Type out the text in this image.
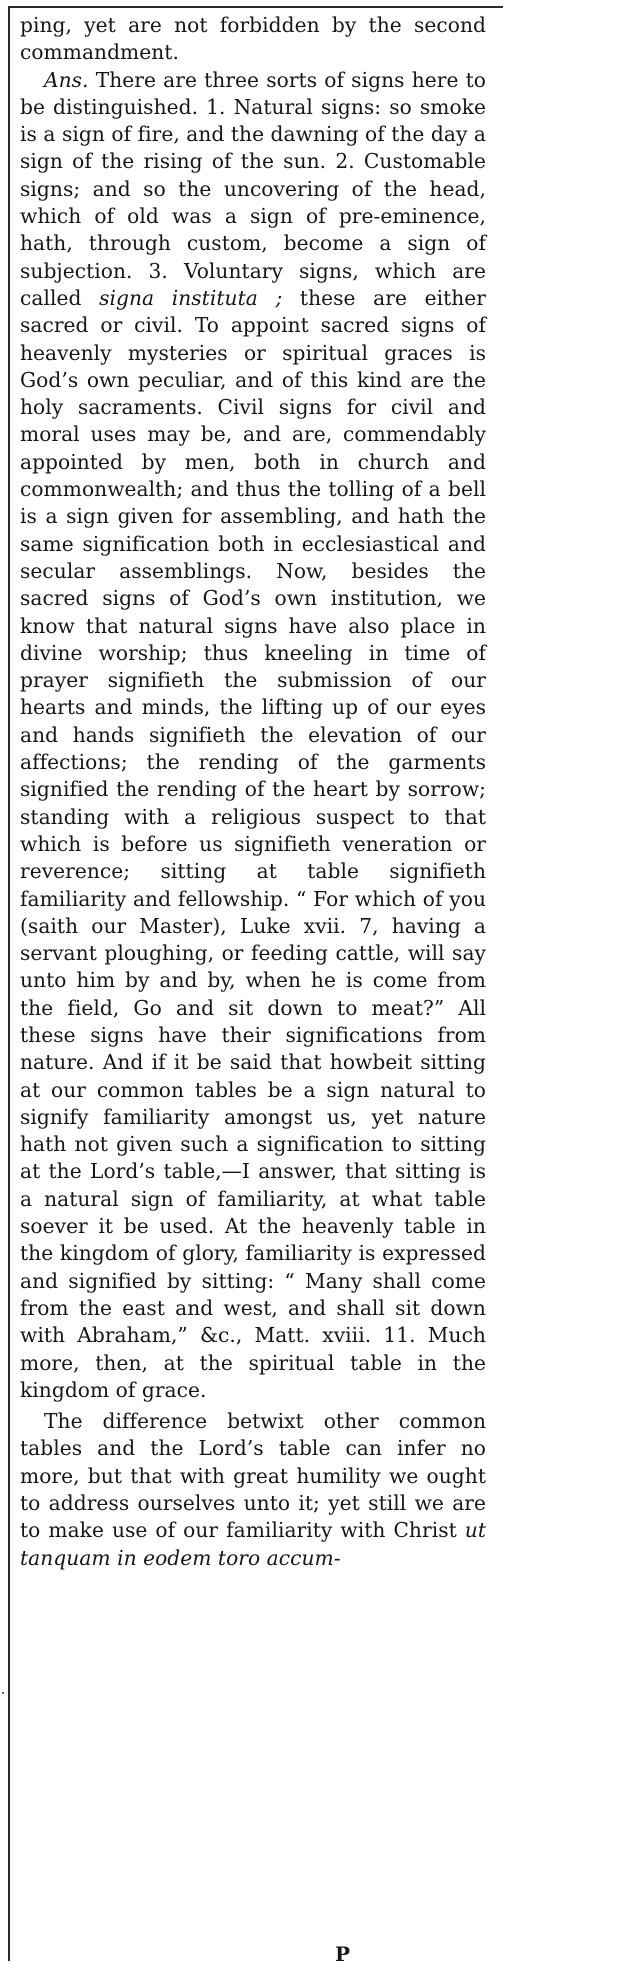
ping, yet are not forbidden by the second commandment.

Ans. There are three sorts of signs here to be distinguished. 1. Natural signs: so smoke is a sign of fire, and the dawning of the day a sign of the rising of the sun. 2. Customable signs; and so the uncovering of the head, which of old was a sign of pre-eminence, hath, through custom, become a sign of subjection. 3. Voluntary signs, which are called signa instituta ; these are either sacred or civil. To appoint sacred signs of heavenly mysteries or spiritual graces is God’s own peculiar, and of this kind are the holy sacraments. Civil signs for civil and moral uses may be, and are, commendably appointed by men, both in church and commonwealth; and thus the tolling of a bell is a sign given for assembling, and hath the same signification both in ecclesiastical and secular assemblings. Now, besides the sacred signs of God’s own institution, we know that natural signs have also place in divine worship; thus kneeling in time of prayer signifieth the submission of our hearts and minds, the lifting up of our eyes and hands signifieth the elevation of our affections; the rending of the garments signified the rending of the heart by sorrow; standing with a religious suspect to that which is before us signifieth veneration or reverence; sitting at table signifieth familiarity and fellowship. “ For which of you (saith our Master), Luke xvii. 7, having a servant ploughing, or feeding cattle, will say unto him by and by, when he is come from the field, Go and sit down to meat?” All these signs have their significations from nature. And if it be said that howbeit sitting at our common tables be a sign natural to signify familiarity amongst us, yet nature hath not given such a signification to sitting at the Lord’s table,—I answer, that sitting is a natural sign of familiarity, at what table soever it be used. At the heavenly table in the kingdom of glory, familiarity is expressed and signified by sitting: “ Many shall come from the east and west, and shall sit down with Abraham,” &c., Matt. xviii. 11. Much more, then, at the spiritual table in the kingdom of grace.

The difference betwixt other common tables and the Lord’s table can infer no more, but that with great humility we ought to address ourselves unto it; yet still we are to make use of our familiarity with Christ ut tanquam in eodem toro accum-

P
